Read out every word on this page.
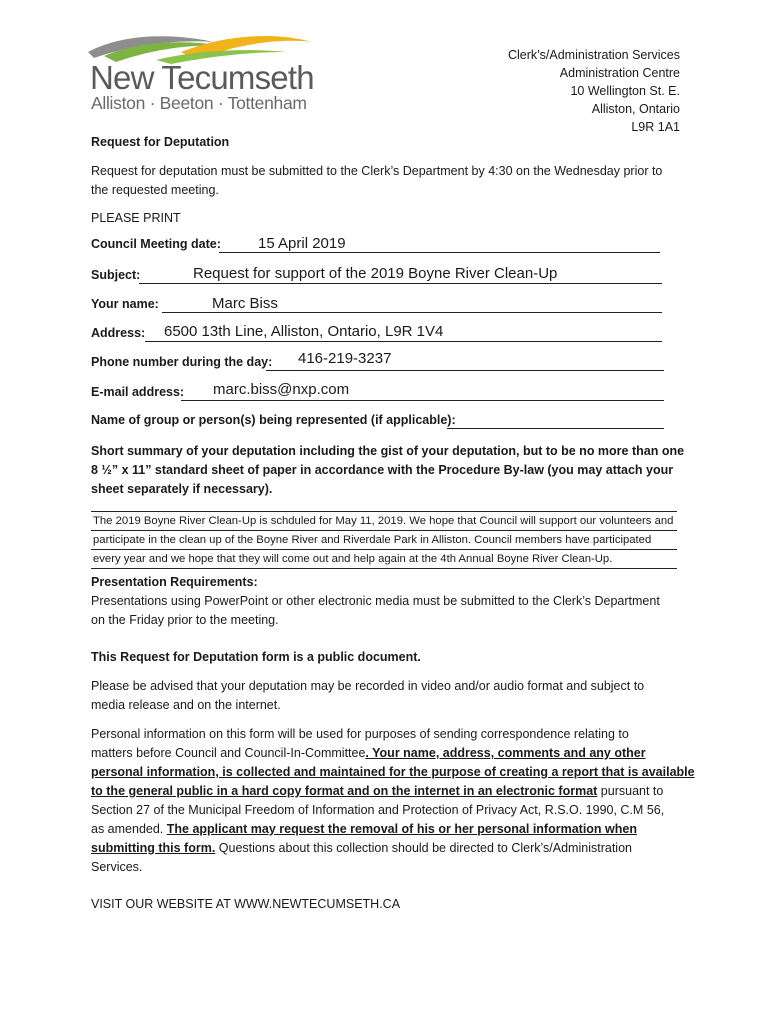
New Tecumseth
Alliston · Beeton · Tottenham
Clerk’s/Administration Services
Administration Centre
10 Wellington St. E.
Alliston, Ontario
L9R 1A1
Request for Deputation
Request for deputation must be submitted to the Clerk’s Department by 4:30 on the Wednesday prior to
the requested meeting.
PLEASE PRINT
Council Meeting date: 15 April 2019
Subject:	Request for support of the 2019 Boyne River Clean-Up
Your name:	Marc Biss
Address: 6500 13th Line, Alliston, Ontario, L9R 1V4
Phone number during the day: 416-219-3237
E-mail address: marc.biss@nxp.com
Name of group or person(s) being represented (if applicable):
Short summary of your deputation including the gist of your deputation, but to be no more than one
8 ½” x 11” standard sheet of paper in accordance with the Procedure By-law (you may attach your
sheet separately if necessary).
The 2019 Boyne River Clean-Up is schduled for May 11, 2019. We hope that Council will support our volunteers and
participate in the clean up of the Boyne River and Riverdale Park in Alliston. Council members have participated
every year and we hope that they will come out and help again at the 4th Annual Boyne River Clean-Up.
Presentation Requirements:
Presentations using PowerPoint or other electronic media must be submitted to the Clerk’s Department
on the Friday prior to the meeting.
This Request for Deputation form is a public document.
Please be advised that your deputation may be recorded in video and/or audio format and subject to
media release and on the internet.
Personal information on this form will be used for purposes of sending correspondence relating to
matters before Council and Council-In-Committee. Your name, address, comments and any other
personal information, is collected and maintained for the purpose of creating a report that is available
to the general public in a hard copy format and on the internet in an electronic format pursuant to
Section 27 of the Municipal Freedom of Information and Protection of Privacy Act, R.S.O. 1990, C.M 56,
as amended. The applicant may request the removal of his or her personal information when
submitting this form. Questions about this collection should be directed to Clerk’s/Administration
Services.
VISIT OUR WEBSITE AT WWW.NEWTECUMSETH.CA
